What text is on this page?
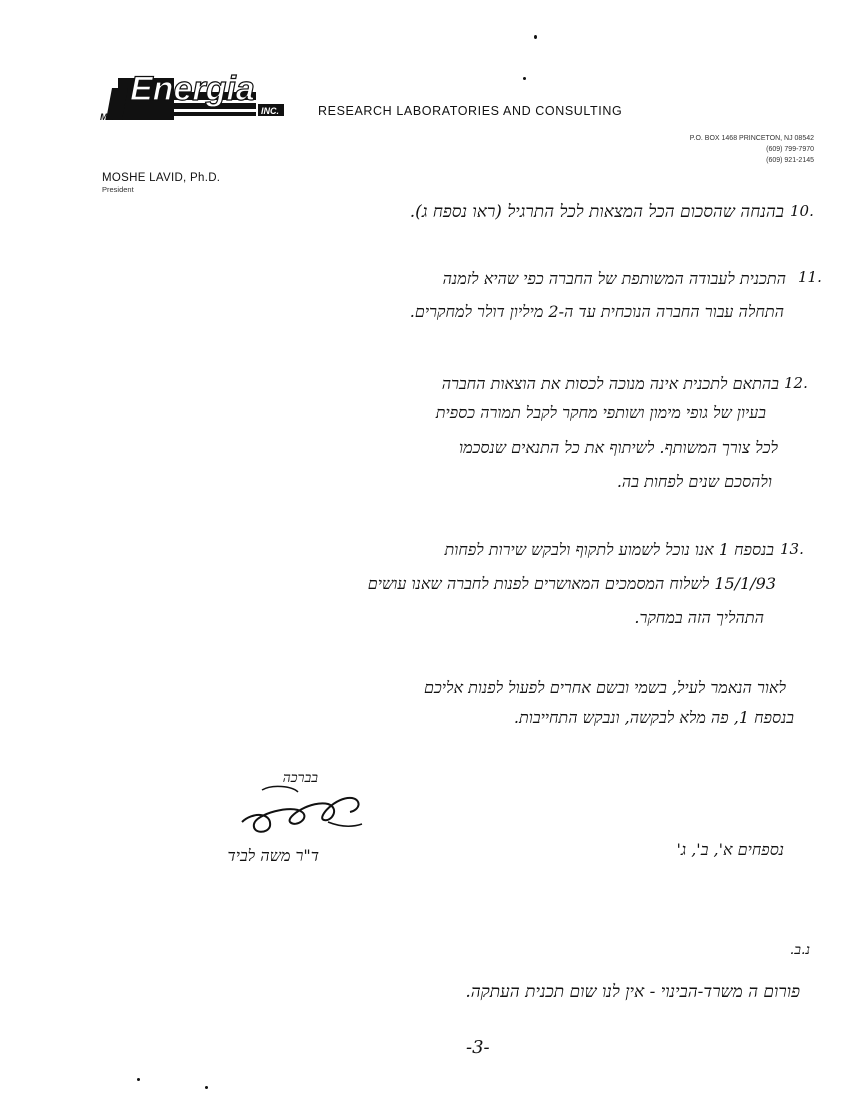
ML
Energia
INC.	RESEARCH LABORATORIES AND CONSULTING
P.O. BOX 1468 PRINCETON, NJ 08542
(609) 799-7970
(609) 921-2145
MOSHE LAVID, Ph.D.
President
10.
בהנחה שהסכום הכל המצאות לכל התרגיל (ראו נספח ג).
11.
התכנית לעבודה המשותפת של החברה כפי שהיא לזמנה
התחלה עבור החברה הנוכחית עד ה-2 מיליון דולר למחקרים.
12.
בהתאם לתכנית אינה מנוכה לכסות את הוצאות החברה
בעיון של גופי מימון ושותפי מחקר לקבל תמורה כספית
לכל צורך המשותף. לשיתוף את כל התנאים שנסכמו
ולהסכם שנים לפחות בה.
13.
בנספח 1 אנו נוכל לשמוע לתקוף ולבקש שירות לפחות
15/1/93 לשלוח המסמכים המאושרים לפנות לחברה שאנו עושים
התהליך הזה במחקר.
לאור הנאמר לעיל, בשמי ובשם אחרים לפעול לפנות אליכם
בנספח 1, פה מלא לבקשה, ונבקש התחייבות.
בברכה
ד"ר משה לביד	נספחים א', ב', ג'
נ.ב.
פורום ה משרד-הבינוי - אין לנו שום תכנית העתקה.
-3-
